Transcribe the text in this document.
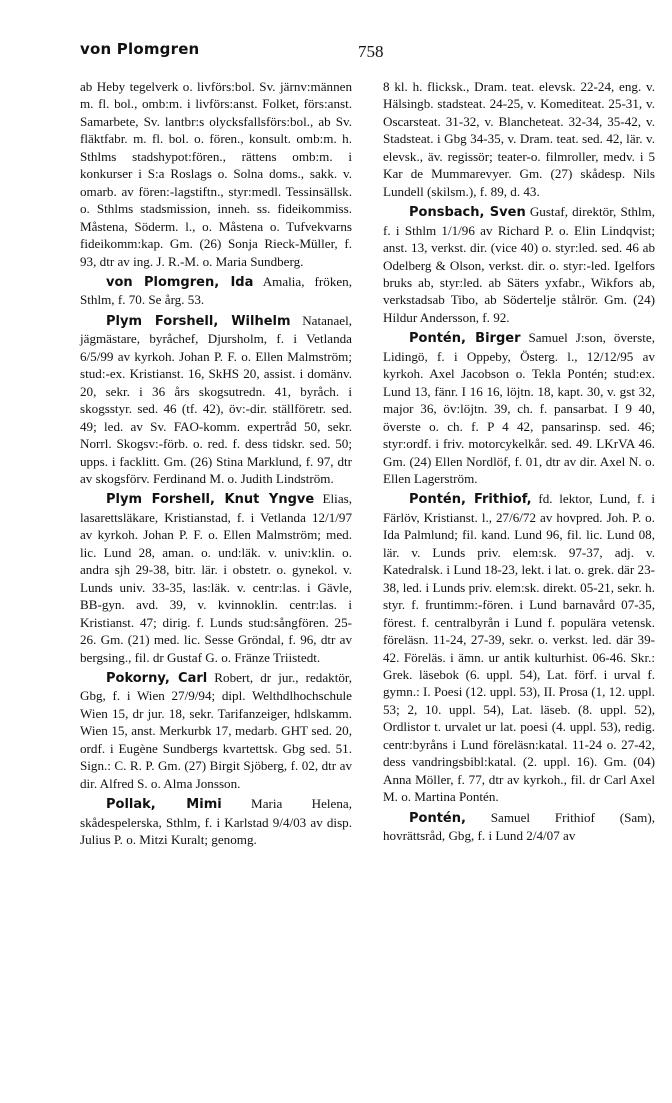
von Plomgren	758

ab Heby tegelverk o. livförs:bol. Sv. järnv:männen m. fl. bol., omb:m. i livförs:anst. Folket, förs:anst. Samarbete, Sv. lantbr:s olycksfallsförs:bol., ab Sv. fläktfabr. m. fl. bol. o. fören., konsult. omb:m. h. Sthlms stadshypot:fören., rättens omb:m. i konkurser i S:a Roslags o. Solna doms., sakk. v. omarb. av fören:-lagstiftn., styr:medl. Tessinsällsk. o. Sthlms stadsmission, inneh. ss. fideikommiss. Måstena, Söderm. l., o. Måstena o. Tufvekvarns fideikomm:kap. Gm. (26) Sonja Rieck-Müller, f. 93, dtr av ing. J. R.-M. o. Maria Sundberg.

von Plomgren, Ida Amalia, fröken, Sthlm, f. 70. Se årg. 53.

Plym Forshell, Wilhelm Natanael, jägmästare, byråchef, Djursholm, f. i Vetlanda 6/5/99 av kyrkoh. Johan P. F. o. Ellen Malmström; stud:-ex. Kristianst. 16, SkHS 20, assist. i domänv. 20, sekr. i 36 års skogsutredn. 41, byråch. i skogsstyr. sed. 46 (tf. 42), öv:-dir. ställföretr. sed. 49; led. av Sv. FAO-komm. expertråd 50, sekr. Norrl. Skogsv:-förb. o. red. f. dess tidskr. sed. 50; upps. i facklitt. Gm. (26) Stina Marklund, f. 97, dtr av skogsförv. Ferdinand M. o. Judith Lindström.

Plym Forshell, Knut Yngve Elias, lasarettsläkare, Kristianstad, f. i Vetlanda 12/1/97 av kyrkoh. Johan P. F. o. Ellen Malmström; med. lic. Lund 28, aman. o. und:läk. v. univ:klin. o. andra sjh 29-38, bitr. lär. i obstetr. o. gynekol. v. Lunds univ. 33-35, las:läk. v. centr:las. i Gävle, BB-gyn. avd. 39, v. kvinnoklin. centr:las. i Kristianst. 47; dirig. f. Lunds stud:sångfören. 25-26. Gm. (21) med. lic. Sesse Gröndal, f. 96, dtr av bergsing., fil. dr Gustaf G. o. Fränze Triistedt.

Pokorny, Carl Robert, dr jur., redaktör, Gbg, f. i Wien 27/9/94; dipl. Welthdlhochschule Wien 15, dr jur. 18, sekr. Tarifanzeiger, hdlskamm. Wien 15, anst. Merkurbk 17, medarb. GHT sed. 20, ordf. i Eugène Sundbergs kvartettsk. Gbg sed. 51. Sign.: C. R. P. Gm. (27) Birgit Sjöberg, f. 02, dtr av dir. Alfred S. o. Alma Jonsson.

Pollak, Mimi Maria Helena, skådespelerska, Sthlm, f. i Karlstad 9/4/03 av disp. Julius P. o. Mitzi Kuralt; genomg.

8 kl. h. flicksk., Dram. teat. elevsk. 22-24, eng. v. Hälsingb. stadsteat. 24-25, v. Komediteat. 25-31, v. Oscarsteat. 31-32, v. Blancheteat. 32-34, 35-42, v. Stadsteat. i Gbg 34-35, v. Dram. teat. sed. 42, lär. v. elevsk., äv. regissör; teater-o. filmroller, medv. i 5 Kar de Mummarevyer. Gm. (27) skådesp. Nils Lundell (skilsm.), f. 89, d. 43.

Ponsbach, Sven Gustaf, direktör, Sthlm, f. i Sthlm 1/1/96 av Richard P. o. Elin Lindqvist; anst. 13, verkst. dir. (vice 40) o. styr:led. sed. 46 ab Odelberg & Olson, verkst. dir. o. styr:-led. Igelfors bruks ab, styr:led. ab Säters yxfabr., Wikfors ab, verkstadsab Tibo, ab Södertelje stålrör. Gm. (24) Hildur Andersson, f. 92.

Pontén, Birger Samuel J:son, överste, Lidingö, f. i Oppeby, Österg. l., 12/12/95 av kyrkoh. Axel Jacobson o. Tekla Pontén; stud:ex. Lund 13, fänr. I 16 16, löjtn. 18, kapt. 30, v. gst 32, major 36, öv:löjtn. 39, ch. f. pansarbat. I 9 40, överste o. ch. f. P 4 42, pansarinsp. sed. 46; styr:ordf. i friv. motorcykelkår. sed. 49. LKrVA 46. Gm. (24) Ellen Nordlöf, f. 01, dtr av dir. Axel N. o. Ellen Lagerström.

Pontén, Frithiof, fd. lektor, Lund, f. i Färlöv, Kristianst. l., 27/6/72 av hovpred. Joh. P. o. Ida Palmlund; fil. kand. Lund 96, fil. lic. Lund 08, lär. v. Lunds priv. elem:sk. 97-37, adj. v. Katedralsk. i Lund 18-23, lekt. i lat. o. grek. där 23-38, led. i Lunds priv. elem:sk. direkt. 05-21, sekr. h. styr. f. fruntimm:-fören. i Lund barnavård 07-35, förest. f. centralbyrån i Lund f. populära vetensk. föreläsn. 11-24, 27-39, sekr. o. verkst. led. där 39-42. Föreläs. i ämn. ur antik kulturhist. 06-46. Skr.: Grek. läsebok (6. uppl. 54), Lat. förf. i urval f. gymn.: I. Poesi (12. uppl. 53), II. Prosa (1, 12. uppl. 53; 2, 10. uppl. 54), Lat. läseb. (8. uppl. 52), Ordlistor t. urvalet ur lat. poesi (4. uppl. 53), redig. centr:byråns i Lund föreläsn:katal. 11-24 o. 27-42, dess vandringsbibl:katal. (2. uppl. 16). Gm. (04) Anna Möller, f. 77, dtr av kyrkoh., fil. dr Carl Axel M. o. Martina Pontén.

Pontén, Samuel Frithiof (Sam), hovrättsråd, Gbg, f. i Lund 2/4/07 av
